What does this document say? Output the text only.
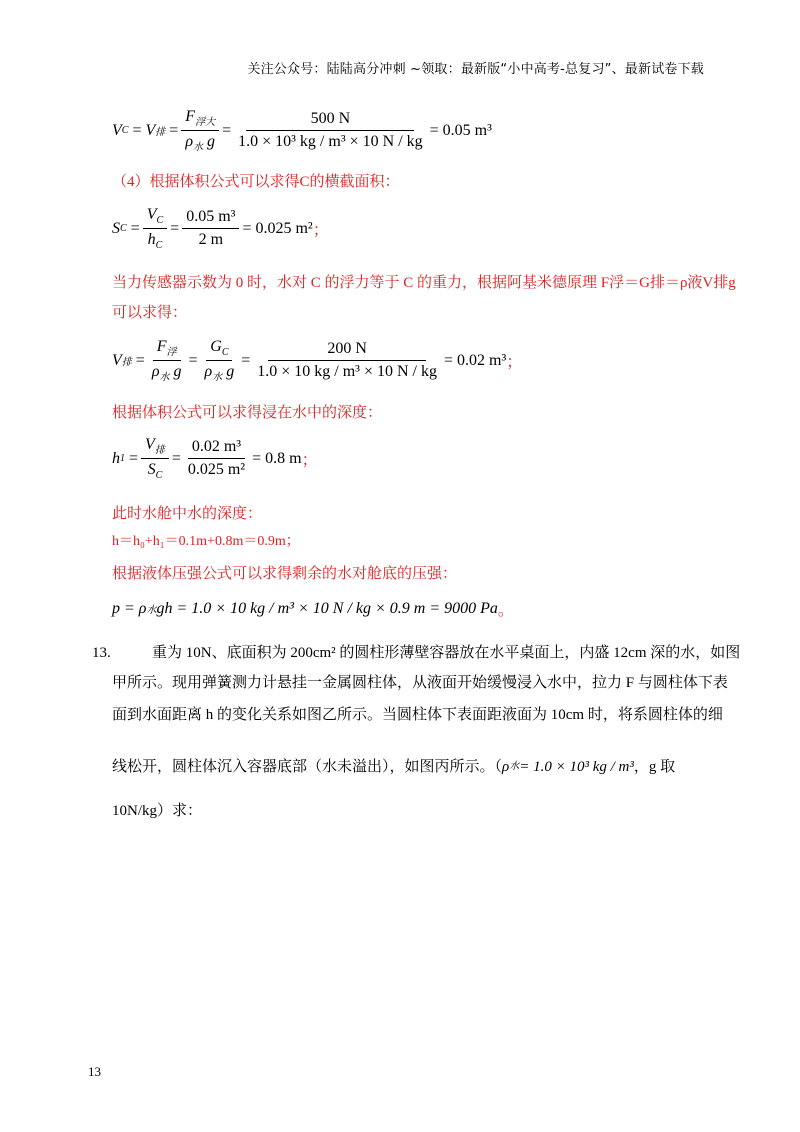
关注公众号：陆陆高分冲刺 ~领取：最新版“小中高考-总复习”、最新试卷下载
V C = V 排 = $\frac{F_{浮大}}{\rho_水 g} = \frac{500 N}{\text{1.0 × 10³ kg / m³ × 10 N / kg}} = 0.05$ m³
（4）根据体积公式可以求得C的横截面积：
S $C = \frac{V_C}{h_C} = \frac{\text{0.05 m³}}{2 m} = 0.025$ m² ；
当力传感器示数为 0 时，水对 C 的浮力等于 C 的重力，根据阿基米德原理 F浮＝G排＝ρ液V排g
可以求得：
V 排 = $\frac{F_浮}{\rho_水 g} = \frac{G_C}{\rho_水 g} = \frac{200 N}{\text{1.0 × 10 kg / m³ × 10 N / kg}} = 0.02$ m³ ；
根据体积公式可以求得浸在水中的深度：
h $1 = \frac{V_排}{S_C} = \frac{\text{0.02 m³}}{\text{0.025 m²}} = 0.8$ m ；
此时水舱中水的深度：
h＝h₀+h₁＝0.1m+0.8m＝0.9m；
根据液体压强公式可以求得剩余的水对舱底的压强：
p = ρ 水 gh = 1.0 × 10 kg / m³ × 10 N / kg × 0.9 m = 9000 Pa 。
13.	重为 10N、底面积为 200cm² 的圆柱形薄壁容器放在水平桌面上，内盛 12cm 深的水，如图
甲所示。现用弹簧测力计悬挂一金属圆柱体，从液面开始缓慢浸入水中，拉力 F 与圆柱体下表
面到水面距离 h 的变化关系如图乙所示。当圆柱体下表面距液面为 10cm 时，将系圆柱体的细
线松开，圆柱体沉入容器底部（水未溢出），如图丙所示。（ ρ 水 = 1.0 × 10³ kg / m³ ，g 取
10N/kg）求：
13
